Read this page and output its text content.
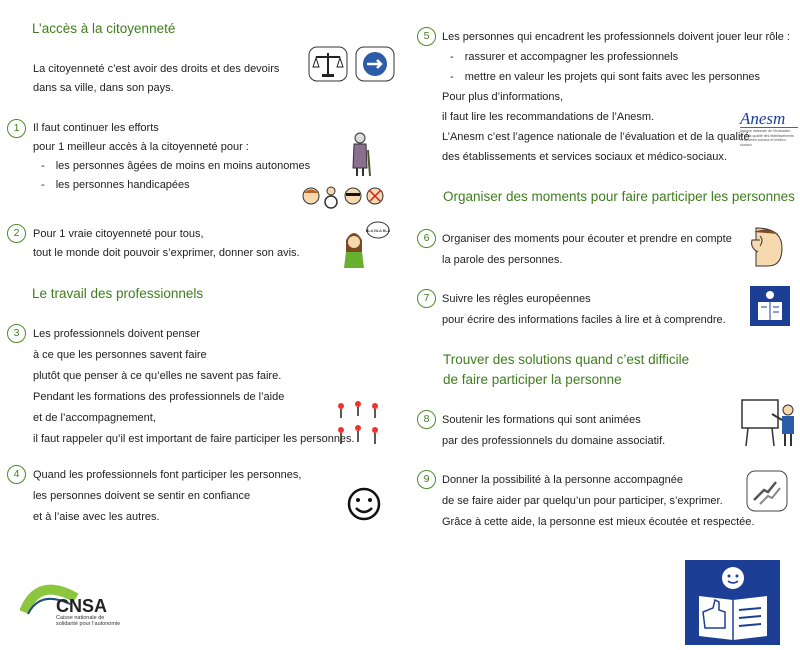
L’accès à la citoyenneté
La citoyenneté c’est avoir des droits et des devoirs
dans sa ville, dans son pays.
1	Il faut continuer les efforts
pour 1 meilleur accès à la citoyenneté pour :
- les personnes âgées de moins en moins autonomes
- les personnes handicapées
2	Pour 1 vraie citoyenneté pour tous,
tout le monde doit pouvoir s’exprimer, donner son avis.
Le travail des professionnels
3	Les professionnels doivent penser
à ce que les personnes savent faire
plutôt que penser à ce qu’elles ne savent pas faire.
Pendant les formations des professionnels de l’aide
et de l’accompagnement,
il faut rappeler qu’il est important de faire participer les personnes.
4	Quand les professionnels font participer les personnes,
les personnes doivent se sentir en confiance
et à l’aise avec les autres.
5	Les personnes qui encadrent les professionnels doivent jouer leur rôle :
- rassurer et accompagner les professionnels
- mettre en valeur les projets qui sont faits avec les personnes
Pour plus d’informations,
il faut lire les recommandations de l’Anesm.
L’Anesm c’est l’agence nationale de l’évaluation et de la qualité
des établissements et services sociaux et médico-sociaux.
Organiser des moments pour faire participer les personnes
6	Organiser des moments pour écouter et prendre en compte
la parole des personnes.
7	Suivre les règles européennes
pour écrire des informations faciles à lire et à comprendre.
Trouver des solutions quand c’est difficile
de faire participer la personne
8	Soutenir les formations qui sont animées
par des professionnels du domaine associatif.
9	Donner la possibilité à la personne accompagnée
de se faire aider par quelqu’un pour participer, s’exprimer.
Grâce à cette aide, la personne est mieux écoutée et respectée.
BLA BLA BLA
Anesm
Agence nationale de l’évaluation
et de la qualité des établissements
et services sociaux et médico-sociaux
CNSA
Caisse nationale de
solidarité pour l’autonomie
